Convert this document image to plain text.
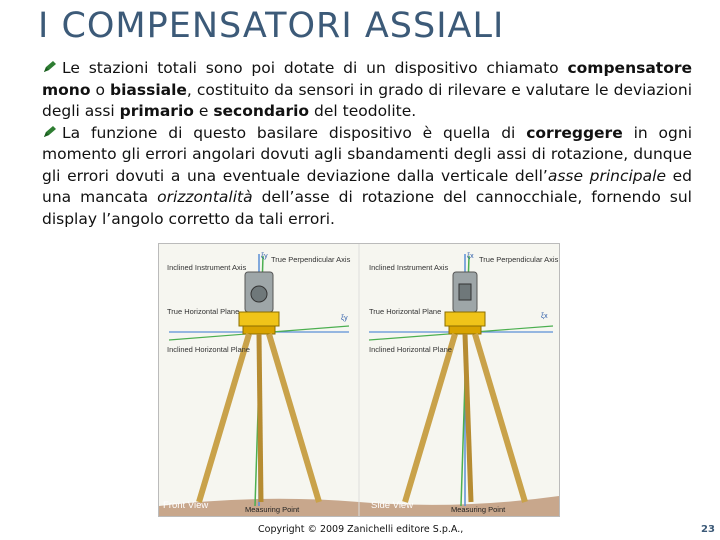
I COMPENSATORI ASSIALI

Le stazioni totali sono poi dotate di un dispositivo chiamato compensatore mono o biassiale, costituito da sensori in grado di rilevare e valutare le deviazioni degli assi primario e secondario del teodolite.

La funzione di questo basilare dispositivo è quella di correggere in ogni momento gli errori angolari dovuti agli sbandamenti degli assi di rotazione, dunque gli errori dovuti a una eventuale deviazione dalla verticale dell’asse principale ed una mancata orizzontalità dell’asse di rotazione del cannocchiale, fornendo sul display l’angolo corretto da tali errori.

Inclined Instrument Axis
True Perpendicular Axis
True Horizontal Plane
Inclined Horizontal Plane
ξy
ξy
Front View	Measuring Point
Inclined Instrument Axis
True Perpendicular Axis
True Horizontal Plane
Inclined Horizontal Plane
ξx
ξx
Side View	Measuring Point
Copyright © 2009 Zanichelli editore S.p.A.,	23
